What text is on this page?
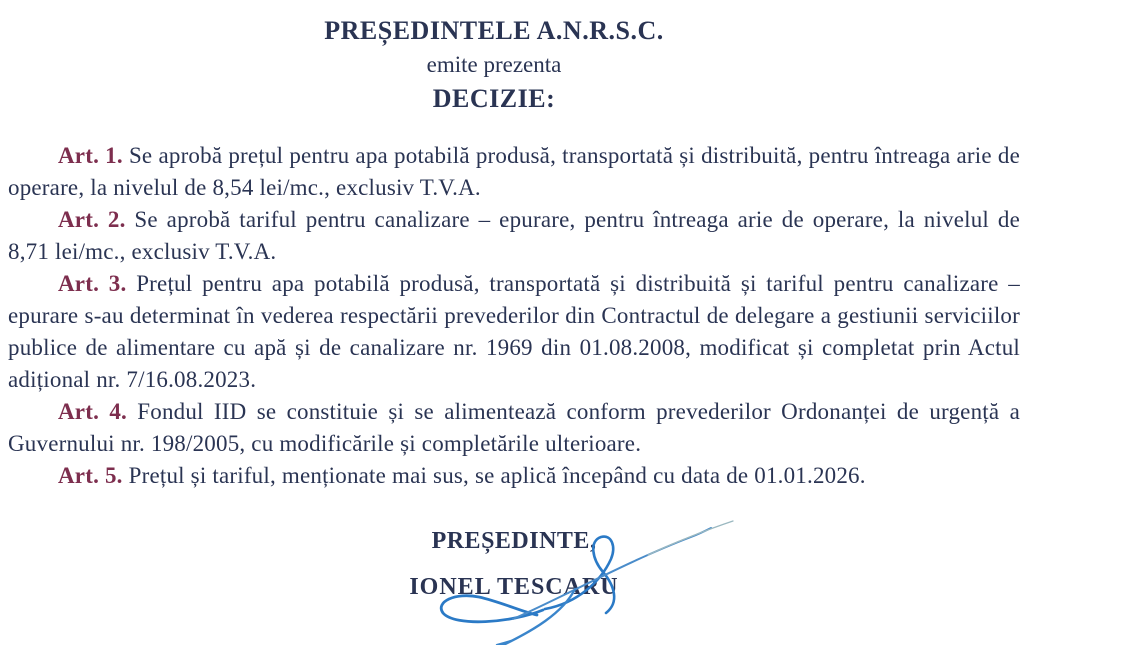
PREȘEDINTELE A.N.R.S.C.
emite prezenta
DECIZIE:

Art. 1. Se aprobă prețul pentru apa potabilă produsă, transportată și distribuită, pentru întreaga arie de operare, la nivelul de 8,54 lei/mc., exclusiv T.V.A.

Art. 2. Se aprobă tariful pentru canalizare – epurare, pentru întreaga arie de operare, la nivelul de 8,71 lei/mc., exclusiv T.V.A.

Art. 3. Prețul pentru apa potabilă produsă, transportată și distribuită și tariful pentru canalizare – epurare s-au determinat în vederea respectării prevederilor din Contractul de delegare a gestiunii serviciilor publice de alimentare cu apă și de canalizare nr. 1969 din 01.08.2008, modificat și completat prin Actul adițional nr. 7/16.08.2023.

Art. 4. Fondul IID se constituie și se alimentează conform prevederilor Ordonanței de urgență a Guvernului nr. 198/2005, cu modificările și completările ulterioare.

Art. 5. Prețul și tariful, menționate mai sus, se aplică începând cu data de 01.01.2026.

PREȘEDINTE,
IONEL TESCARU
